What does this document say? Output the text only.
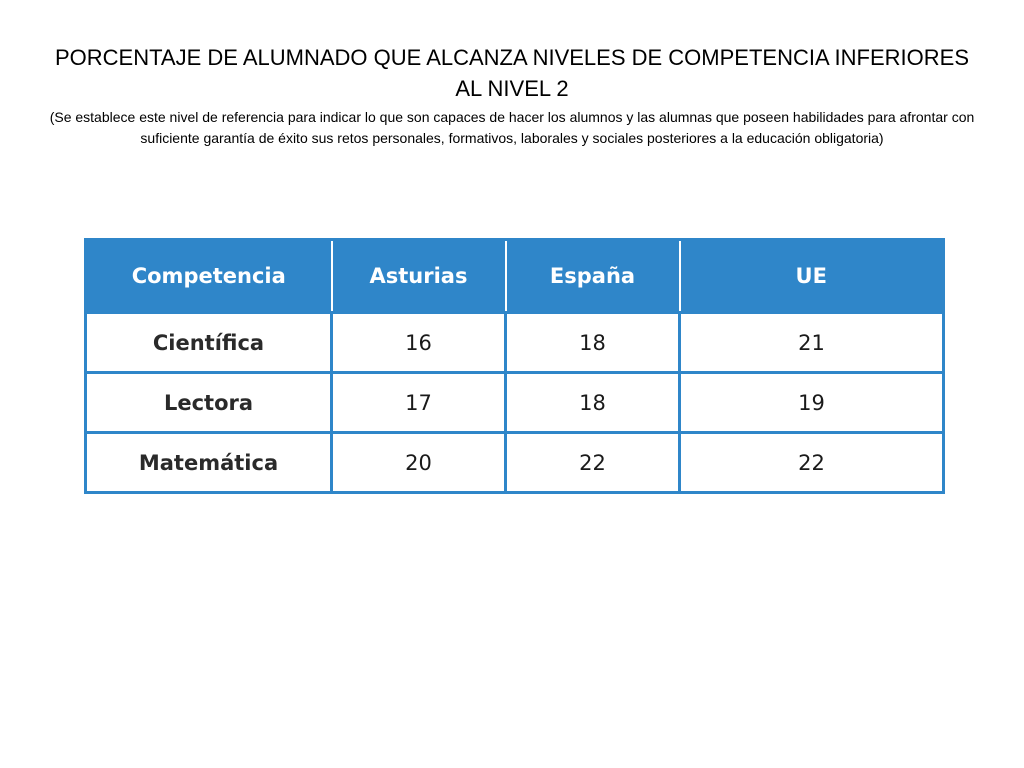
PORCENTAJE DE ALUMNADO QUE ALCANZA NIVELES DE COMPETENCIA INFERIORES AL NIVEL 2
(Se establece este nivel de referencia para indicar lo que son capaces de hacer los alumnos y las alumnas que poseen habilidades para afrontar con suficiente garantía de éxito sus retos personales, formativos, laborales y sociales posteriores a la educación obligatoria)
Competencia	Asturias	España	UE
Científica	16	18	21
Lectora	17	18	19
Matemática	20	22	22
